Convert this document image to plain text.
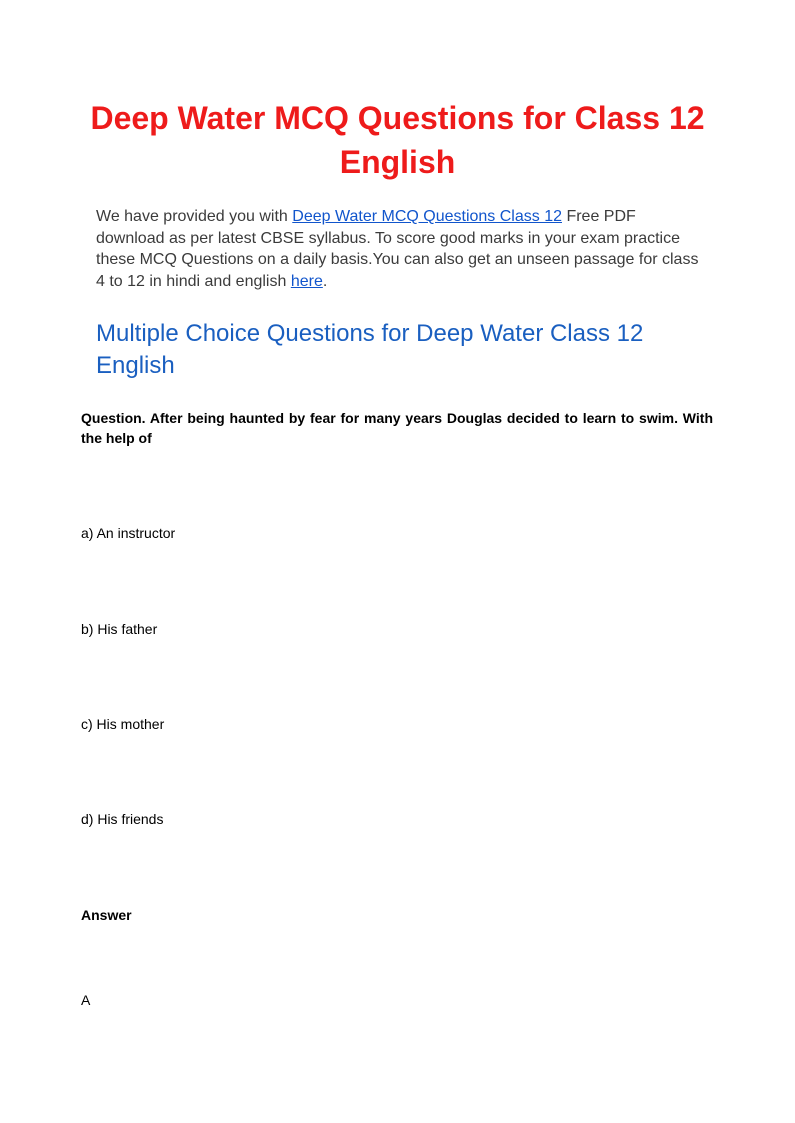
Deep Water MCQ Questions for Class 12 English

We have provided you with Deep Water MCQ Questions Class 12 Free PDF download as per latest CBSE syllabus. To score good marks in your exam practice these MCQ Questions on a daily basis.You can also get an unseen passage for class 4 to 12 in hindi and english here.

Multiple Choice Questions for Deep Water Class 12 English

Question. After being haunted by fear for many years Douglas decided to learn to swim. With the help of

a) An instructor

b) His father

c) His mother

d) His friends

Answer

A
